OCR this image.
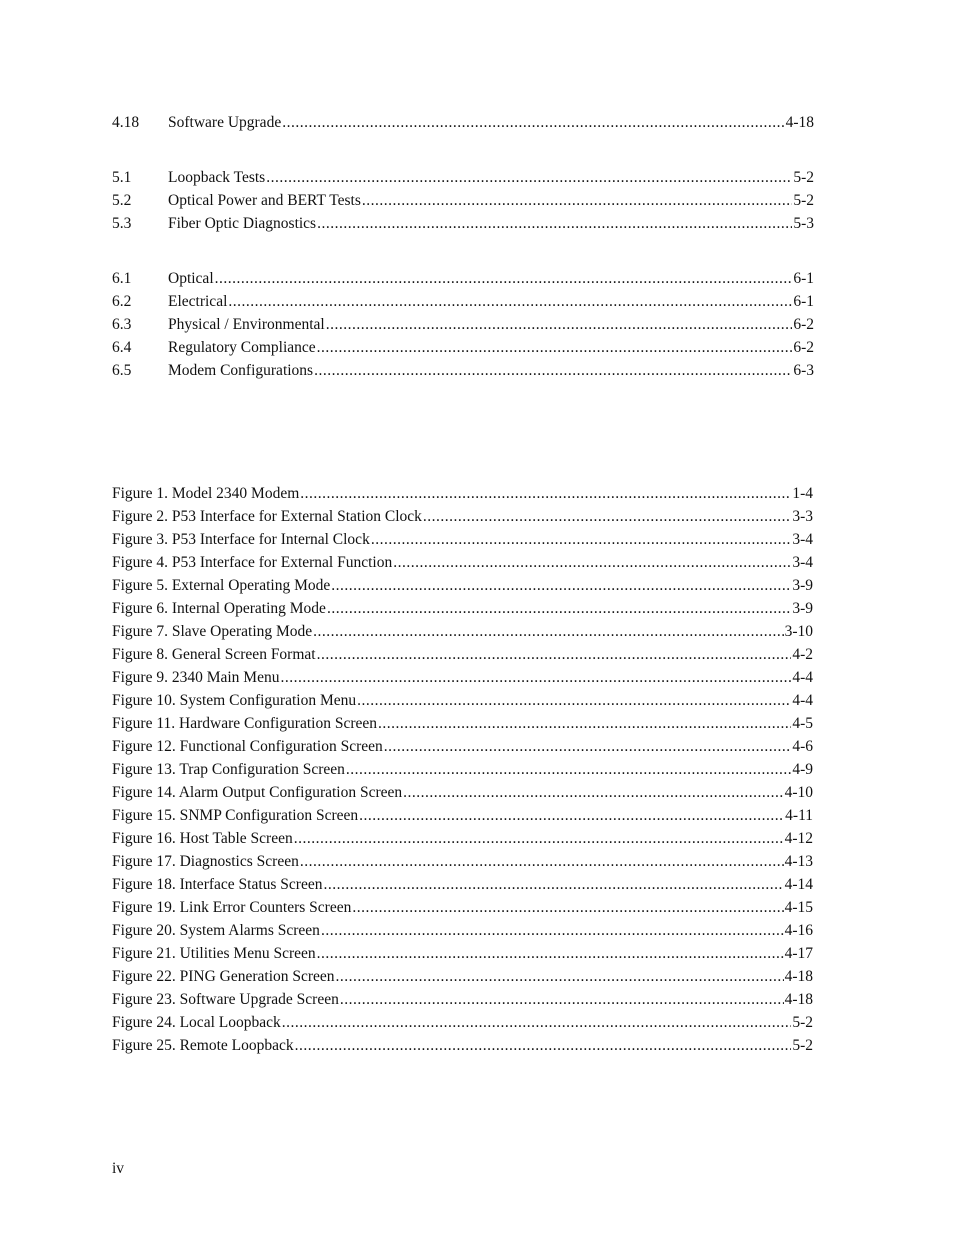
4.18	Software Upgrade .....	4-18
5.1	Loopback Tests .....	5-2
5.2	Optical Power and BERT Tests .....	5-2
5.3	Fiber Optic Diagnostics .....	5-3
6.1	Optical .....	6-1
6.2	Electrical .....	6-1
6.3	Physical / Environmental .....	6-2
6.4	Regulatory Compliance .....	6-2
6.5	Modem Configurations .....	6-3
Figure 1. Model 2340 Modem .....	1-4
Figure 2. P53 Interface for External Station Clock .....	3-3
Figure 3. P53 Interface for Internal Clock .....	3-4
Figure 4. P53 Interface for External Function .....	3-4
Figure 5. External Operating Mode .....	3-9
Figure 6. Internal Operating Mode .....	3-9
Figure 7. Slave Operating Mode .....	3-10
Figure 8. General Screen Format .....	4-2
Figure 9. 2340 Main Menu .....	4-4
Figure 10. System Configuration Menu .....	4-4
Figure 11. Hardware Configuration Screen .....	4-5
Figure 12. Functional Configuration Screen .....	4-6
Figure 13. Trap Configuration Screen .....	4-9
Figure 14. Alarm Output Configuration Screen .....	4-10
Figure 15. SNMP Configuration Screen .....	4-11
Figure 16. Host Table Screen .....	4-12
Figure 17. Diagnostics Screen .....	4-13
Figure 18. Interface Status Screen .....	4-14
Figure 19. Link Error Counters Screen .....	4-15
Figure 20. System Alarms Screen .....	4-16
Figure 21. Utilities Menu Screen .....	4-17
Figure 22. PING Generation Screen .....	4-18
Figure 23. Software Upgrade Screen .....	4-18
Figure 24. Local Loopback .....	5-2
Figure 25. Remote Loopback .....	5-2
iv
